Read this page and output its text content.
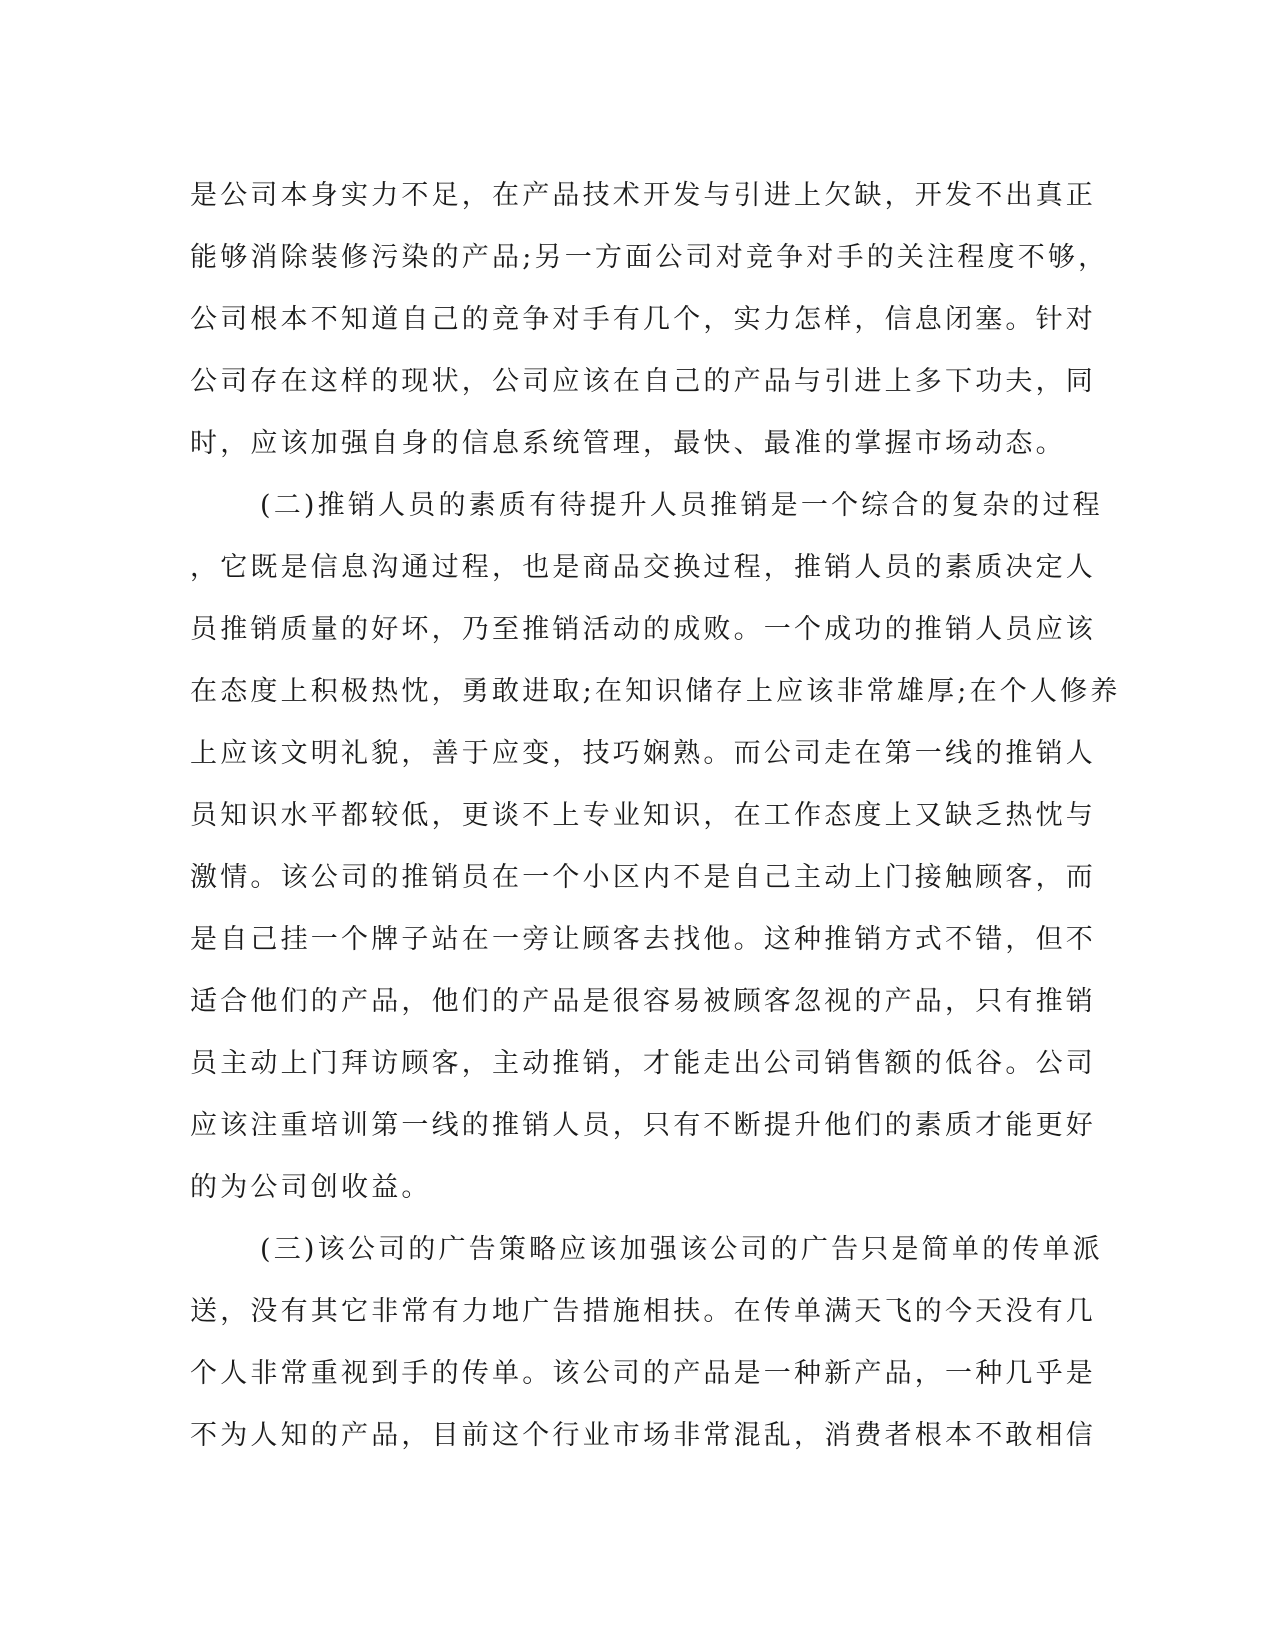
是公司本身实力不足，在产品技术开发与引进上欠缺，开发不出真正
能够消除装修污染的产品;另一方面公司对竞争对手的关注程度不够，
公司根本不知道自己的竞争对手有几个，实力怎样，信息闭塞。针对
公司存在这样的现状，公司应该在自己的产品与引进上多下功夫，同
时，应该加强自身的信息系统管理，最快、最准的掌握市场动态。
(二)推销人员的素质有待提升人员推销是一个综合的复杂的过程
，它既是信息沟通过程，也是商品交换过程，推销人员的素质决定人
员推销质量的好坏，乃至推销活动的成败。一个成功的推销人员应该
在态度上积极热忱，勇敢进取;在知识储存上应该非常雄厚;在个人修养
上应该文明礼貌，善于应变，技巧娴熟。而公司走在第一线的推销人
员知识水平都较低，更谈不上专业知识，在工作态度上又缺乏热忱与
激情。该公司的推销员在一个小区内不是自己主动上门接触顾客，而
是自己挂一个牌子站在一旁让顾客去找他。这种推销方式不错，但不
适合他们的产品，他们的产品是很容易被顾客忽视的产品，只有推销
员主动上门拜访顾客，主动推销，才能走出公司销售额的低谷。公司
应该注重培训第一线的推销人员，只有不断提升他们的素质才能更好
的为公司创收益。
(三)该公司的广告策略应该加强该公司的广告只是简单的传单派
送，没有其它非常有力地广告措施相扶。在传单满天飞的今天没有几
个人非常重视到手的传单。该公司的产品是一种新产品，一种几乎是
不为人知的产品，目前这个行业市场非常混乱，消费者根本不敢相信
